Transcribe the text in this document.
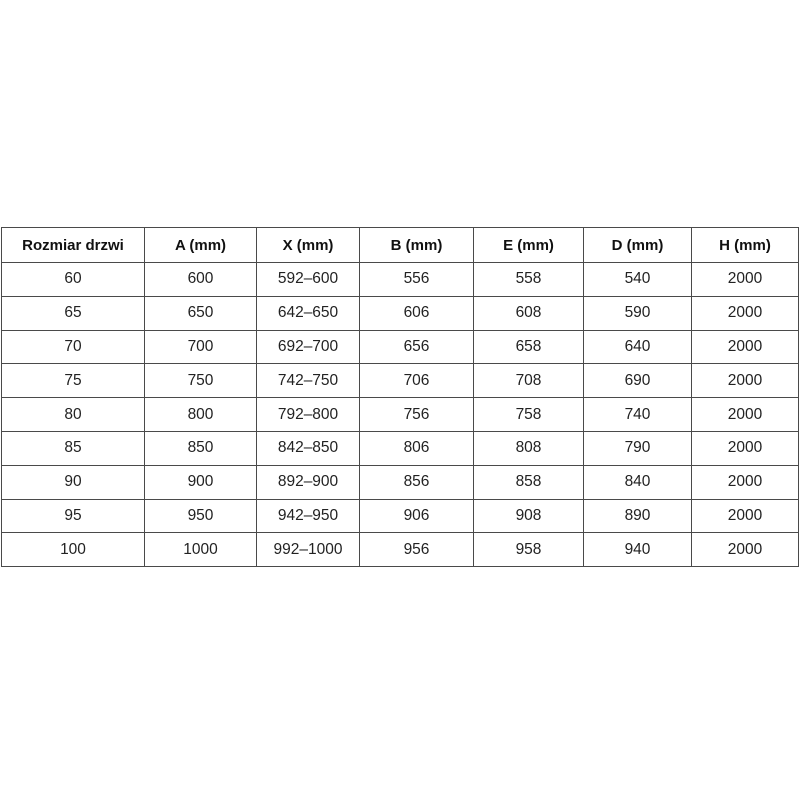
Rozmiar drzwi	A (mm)	X (mm)	B (mm)	E (mm)	D (mm)	H (mm)
60	600	592–600	556	558	540	2000
65	650	642–650	606	608	590	2000
70	700	692–700	656	658	640	2000
75	750	742–750	706	708	690	2000
80	800	792–800	756	758	740	2000
85	850	842–850	806	808	790	2000
90	900	892–900	856	858	840	2000
95	950	942–950	906	908	890	2000
100	1000	992–1000	956	958	940	2000
